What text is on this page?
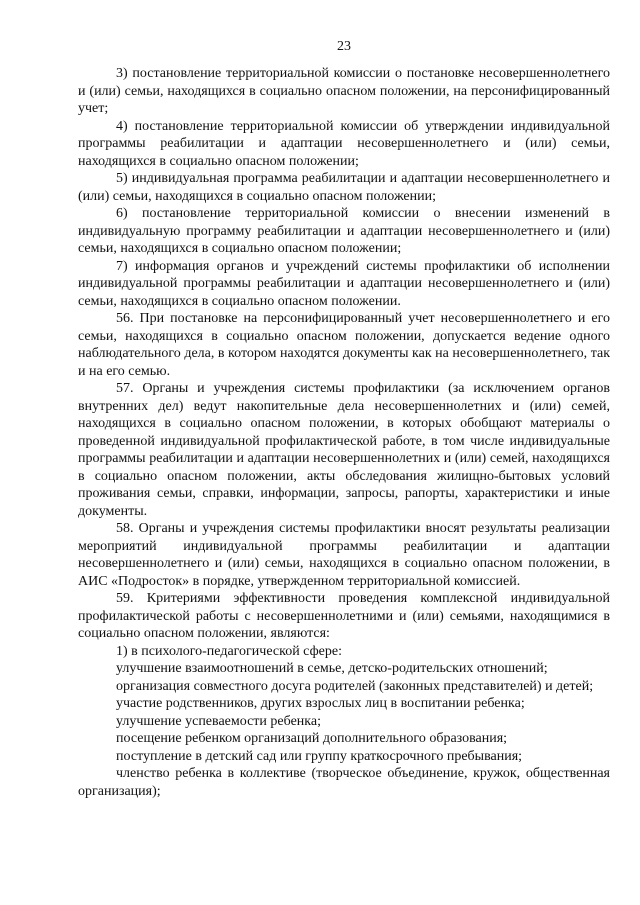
23

3) постановление территориальной комиссии о постановке несовершеннолетнего и (или) семьи, находящихся в социально опасном положении, на персонифицированный учет;

4) постановление территориальной комиссии об утверждении индивидуальной программы реабилитации и адаптации несовершеннолетнего и (или) семьи, находящихся в социально опасном положении;

5) индивидуальная программа реабилитации и адаптации несовершеннолетнего и (или) семьи, находящихся в социально опасном положении;

6) постановление территориальной комиссии о внесении изменений в индивидуальную программу реабилитации и адаптации несовершеннолетнего и (или) семьи, находящихся в социально опасном положении;

7) информация органов и учреждений системы профилактики об исполнении индивидуальной программы реабилитации и адаптации несовершеннолетнего и (или) семьи, находящихся в социально опасном положении.

56. При постановке на персонифицированный учет несовершеннолетнего и его семьи, находящихся в социально опасном положении, допускается ведение одного наблюдательного дела, в котором находятся документы как на несовершеннолетнего, так и на его семью.

57. Органы и учреждения системы профилактики (за исключением органов внутренних дел) ведут накопительные дела несовершеннолетних и (или) семей, находящихся в социально опасном положении, в которых обобщают материалы о проведенной индивидуальной профилактической работе, в том числе индивидуальные программы реабилитации и адаптации несовершеннолетних и (или) семей, находящихся в социально опасном положении, акты обследования жилищно-бытовых условий проживания семьи, справки, информации, запросы, рапорты, характеристики и иные документы.

58. Органы и учреждения системы профилактики вносят результаты реализации мероприятий индивидуальной программы реабилитации и адаптации несовершеннолетнего и (или) семьи, находящихся в социально опасном положении, в АИС «Подросток» в порядке, утвержденном территориальной комиссией.

59. Критериями эффективности проведения комплексной индивидуальной профилактической работы с несовершеннолетними и (или) семьями, находящимися в социально опасном положении, являются:

1) в психолого-педагогической сфере:

улучшение взаимоотношений в семье, детско-родительских отношений;

организация совместного досуга родителей (законных представителей) и детей;

участие родственников, других взрослых лиц в воспитании ребенка;

улучшение успеваемости ребенка;

посещение ребенком организаций дополнительного образования;

поступление в детский сад или группу краткосрочного пребывания;

членство ребенка в коллективе (творческое объединение, кружок, общественная организация);
